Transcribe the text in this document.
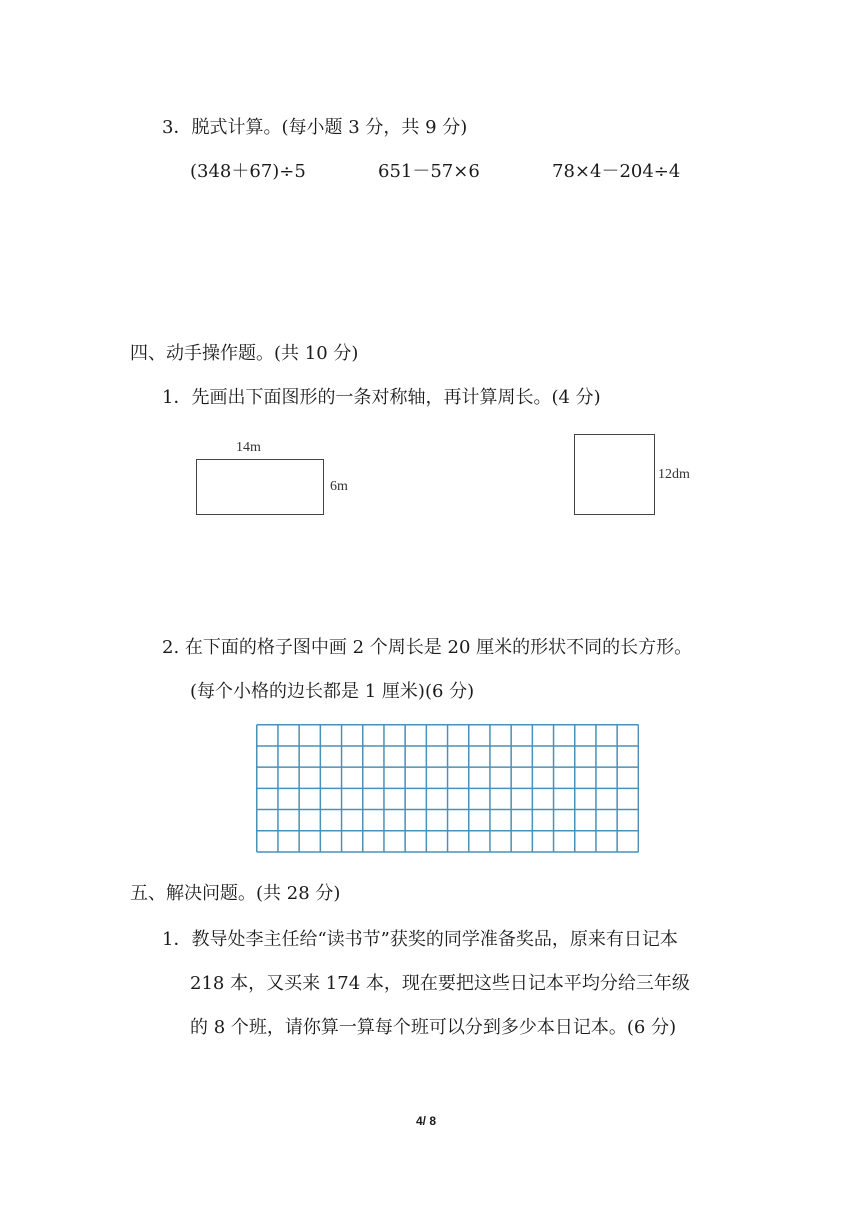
3．脱式计算。(每小题 3 分，共 9 分)
(348＋67)÷5	651－57×6	78×4－204÷4
四、动手操作题。(共 10 分)
1．先画出下面图形的一条对称轴，再计算周长。(4 分)
14m
6m
12dm
2. 在下面的格子图中画 2 个周长是 20 厘米的形状不同的长方形。
(每个小格的边长都是 1 厘米)(6 分)
五、解决问题。(共 28 分)
1．教导处李主任给“读书节”获奖的同学准备奖品，原来有日记本
218 本，又买来 174 本，现在要把这些日记本平均分给三年级
的 8 个班，请你算一算每个班可以分到多少本日记本。(6 分)
4/ 8
